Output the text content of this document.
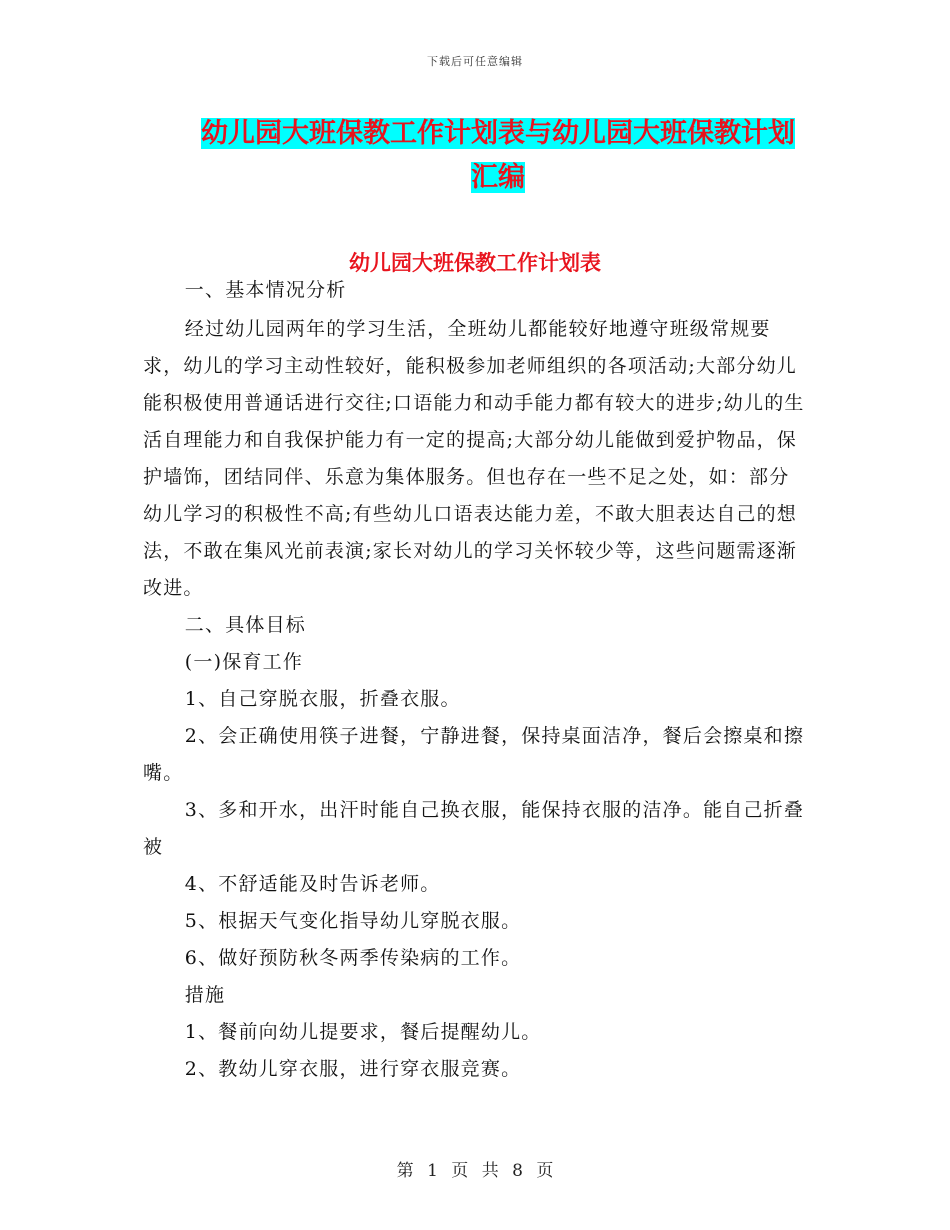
下载后可任意编辑
幼儿园大班保教工作计划表与幼儿园大班保教计划汇编
幼儿园大班保教工作计划表

一、基本情况分析

经过幼儿园两年的学习生活，全班幼儿都能较好地遵守班级常规要求，幼儿的学习主动性较好，能积极参加老师组织的各项活动;大部分幼儿能积极使用普通话进行交往;口语能力和动手能力都有较大的进步;幼儿的生活自理能力和自我保护能力有一定的提高;大部分幼儿能做到爱护物品，保护墙饰，团结同伴、乐意为集体服务。但也存在一些不足之处，如：部分幼儿学习的积极性不高;有些幼儿口语表达能力差，不敢大胆表达自己的想法，不敢在集风光前表演;家长对幼儿的学习关怀较少等，这些问题需逐渐改进。

二、具体目标

(一)保育工作

1、自己穿脱衣服，折叠衣服。

2、会正确使用筷子进餐，宁静进餐，保持桌面洁净，餐后会擦桌和擦嘴。

3、多和开水，出汗时能自己换衣服，能保持衣服的洁净。能自己折叠被

4、不舒适能及时告诉老师。

5、根据天气变化指导幼儿穿脱衣服。

6、做好预防秋冬两季传染病的工作。

措施

1、餐前向幼儿提要求，餐后提醒幼儿。

2、教幼儿穿衣服，进行穿衣服竞赛。

第 1 页 共 8 页
